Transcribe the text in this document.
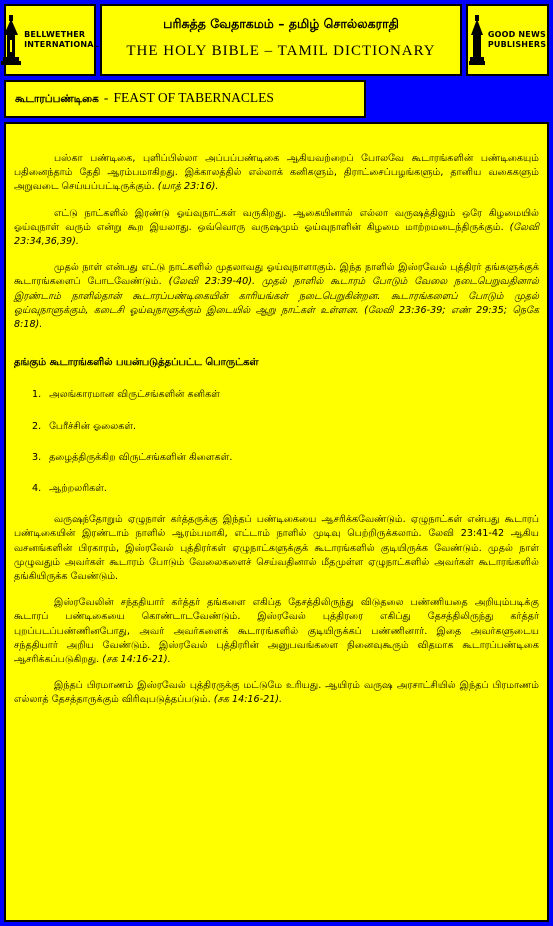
BELLWETHER
INTERNATIONAL
பரிசுத்த வேதாகமம் – தமிழ் சொல்லகராதி
THE HOLY BIBLE – TAMIL DICTIONARY
GOOD NEWS
PUBLISHERS
கூடாரப்பண்டிகை - FEAST OF TABERNACLES

பஸ்கா பண்டிகை, புளிப்பில்லா அப்பப்பண்டிகை ஆகியவற்றைப் போலவே கூடாரங்களின் பண்டிகையும் பதினைந்தாம் தேதி ஆரம்பமாகிறது. இக்காலத்தில் எல்லாக் கனிகளும், திராட்சைப்பழங்களும், தானிய வகைகளும் அறுவடை செய்யப்பட்டிருக்கும். (யாத் 23:16).

எட்டு நாட்களில் இரண்டு ஓய்வுநாட்கள் வருகிறது. ஆகையினால் எல்லா வருஷத்திலும் ஒரே கிழமையில் ஓய்வுநாள் வரும் என்று கூற இயலாது. ஒவ்வொரு வருஷமும் ஓய்வுநாளின் கிழமை மாற்றமடைந்திருக்கும். (லேவி 23:34,36,39).

முதல் நாள் என்பது எட்டு நாட்களில் முதலாவது ஓய்வுநாளாகும். இந்த நாளில் இஸ்ரவேல் புத்திரர் தங்களுக்குக் கூடாரங்களைப் போடவேண்டும். (லேவி 23:39-40). முதல் நாளில் கூடாரம் போடும் வேலை நடைபெறுவதினால் இரண்டாம் நாளில்தான் கூடாரப்பண்டிகையின் காரியங்கள் நடைபெறுகின்றன. கூடாரங்களைப் போடும் முதல் ஓய்வுநாளுக்கும், கடைசி ஓய்வுநாளுக்கும் இடையில் ஆறு நாட்கள் உள்ளன. (லேவி 23:36-39; எண் 29:35; நெகே 8:18).

தங்கும் கூடாரங்களில் பயன்படுத்தப்பட்ட பொருட்கள்
1. அலங்காரமான விருட்சங்களின் கனிகள்
2. பேரீச்சின் ஓலைகள்.
3. தழைத்திருக்கிற விருட்சங்களின் கிளைகள்.
4. ஆற்றலரிகள்.

வருஷந்தோறும் ஏழுநாள் கர்த்தருக்கு இந்தப் பண்டிகையை ஆசரிக்கவேண்டும். ஏழுநாட்கள் என்பது கூடாரப் பண்டிகையின் இரண்டாம் நாளில் ஆரம்பமாகி, எட்டாம் நாளில் முடிவு பெற்றிருக்கலாம். லேவி 23:41-42 ஆகிய வசனங்களின் பிரகாரம், இஸ்ரவேல் புத்திரர்கள் ஏழுநாட்களுக்குக் கூடாரங்களில் குடியிருக்க வேண்டும். முதல் நாள் முழுவதும் அவர்கள் கூடாரம் போடும் வேலைகளைச் செய்வதினால் மீதமுள்ள ஏழுநாட்களில் அவர்கள் கூடாரங்களில் தங்கியிருக்க வேண்டும்.

இஸ்ரவேலின் சந்ததியார் கர்த்தர் தங்களை எகிப்த தேசத்திலிருந்து விடுதலை பண்ணியதை அறியும்படிக்கு கூடாரப் பண்டிகையை கொண்டாடவேண்டும். இஸ்ரவேல் புத்திரரை எகிப்து தேசத்திலிருந்து கர்த்தர் புறப்படப்பண்ணினபோது, அவர் அவர்களைக் கூடாரங்களில் குடியிருக்கப் பண்ணினார். இதை அவர்களுடைய சந்ததியார் அறிய வேண்டும். இஸ்ரவேல் புத்திரரின் அனுபவங்களை நினைவுகூரும் விதமாக கூடாரப்பண்டிகை ஆசரிக்கப்படுகிறது. (சக 14:16-21).

இந்தப் பிரமாணம் இஸ்ரவேல் புத்திரருக்கு மட்டுமே உரியது. ஆயிரம் வருஷ அரசாட்சியில் இந்தப் பிரமாணம் எல்லாத் தேசத்தாருக்கும் விரிவுபடுத்தப்படும். (சக 14:16-21).
